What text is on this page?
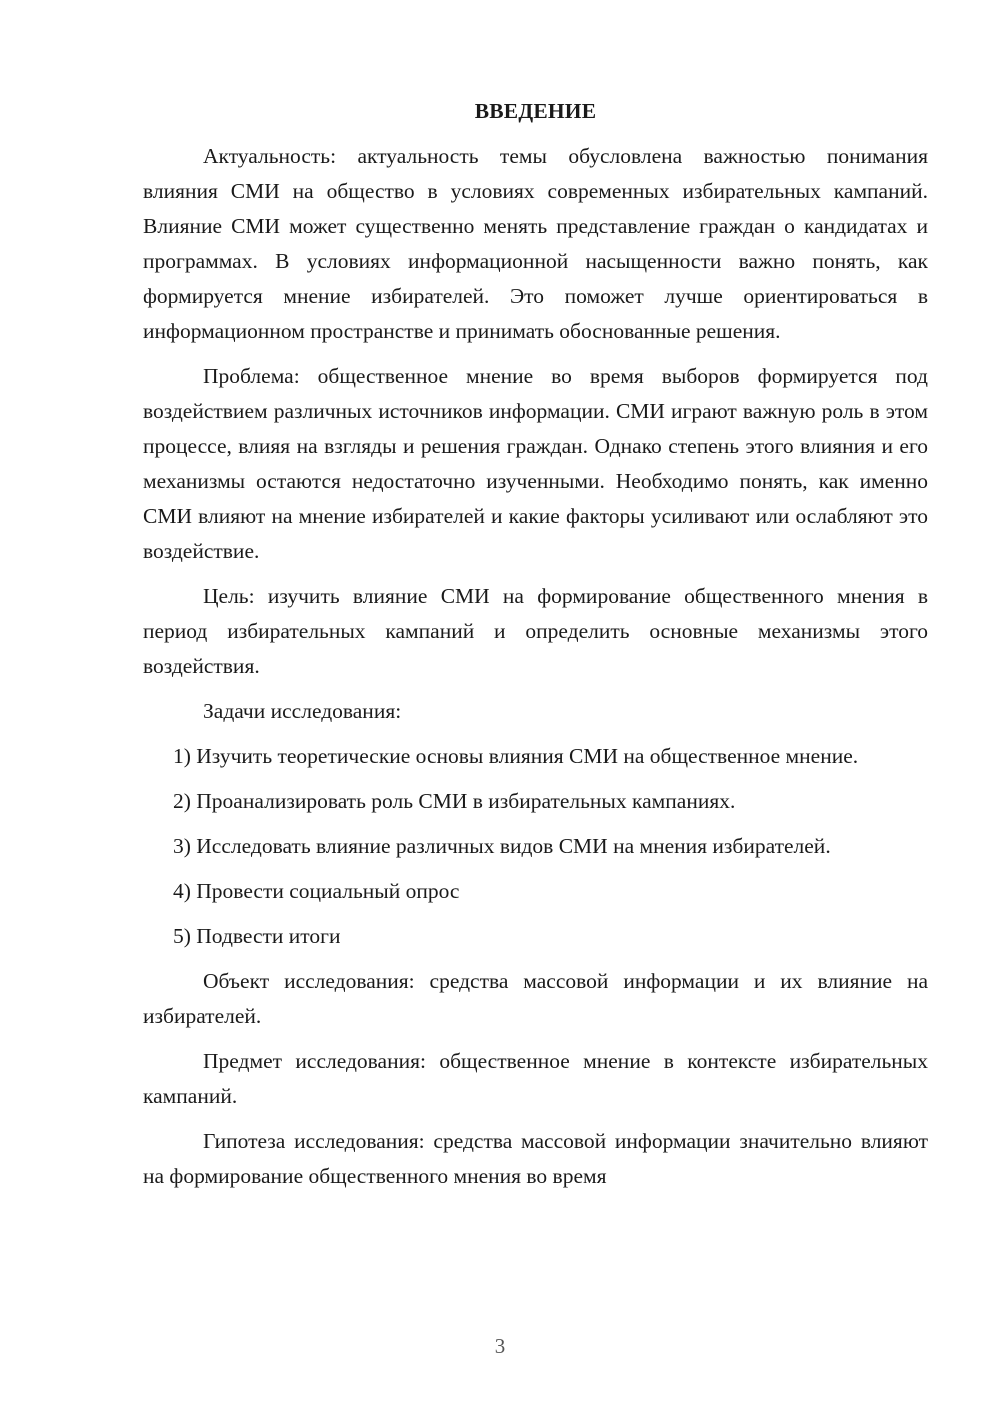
ВВЕДЕНИЕ

Актуальность: актуальность темы обусловлена важностью понимания влияния СМИ на общество в условиях современных избирательных кампаний. Влияние СМИ может существенно менять представление граждан о кандидатах и программах. В условиях информационной насыщенности важно понять, как формируется мнение избирателей. Это поможет лучше ориентироваться в информационном пространстве и принимать обоснованные решения.

Проблема: общественное мнение во время выборов формируется под воздействием различных источников информации. СМИ играют важную роль в этом процессе, влияя на взгляды и решения граждан. Однако степень этого влияния и его механизмы остаются недостаточно изученными. Необходимо понять, как именно СМИ влияют на мнение избирателей и какие факторы усиливают или ослабляют это воздействие.

Цель: изучить влияние СМИ на формирование общественного мнения в период избирательных кампаний и определить основные механизмы этого воздействия.

Задачи исследования:

1) Изучить теоретические основы влияния СМИ на общественное мнение.

2) Проанализировать роль СМИ в избирательных кампаниях.

3) Исследовать влияние различных видов СМИ на мнения избирателей.

4) Провести социальный опрос

5) Подвести итоги

Объект исследования: средства массовой информации и их влияние на избирателей.

Предмет исследования: общественное мнение в контексте избирательных кампаний.

Гипотеза исследования: средства массовой информации значительно влияют на формирование общественного мнения во время

3
